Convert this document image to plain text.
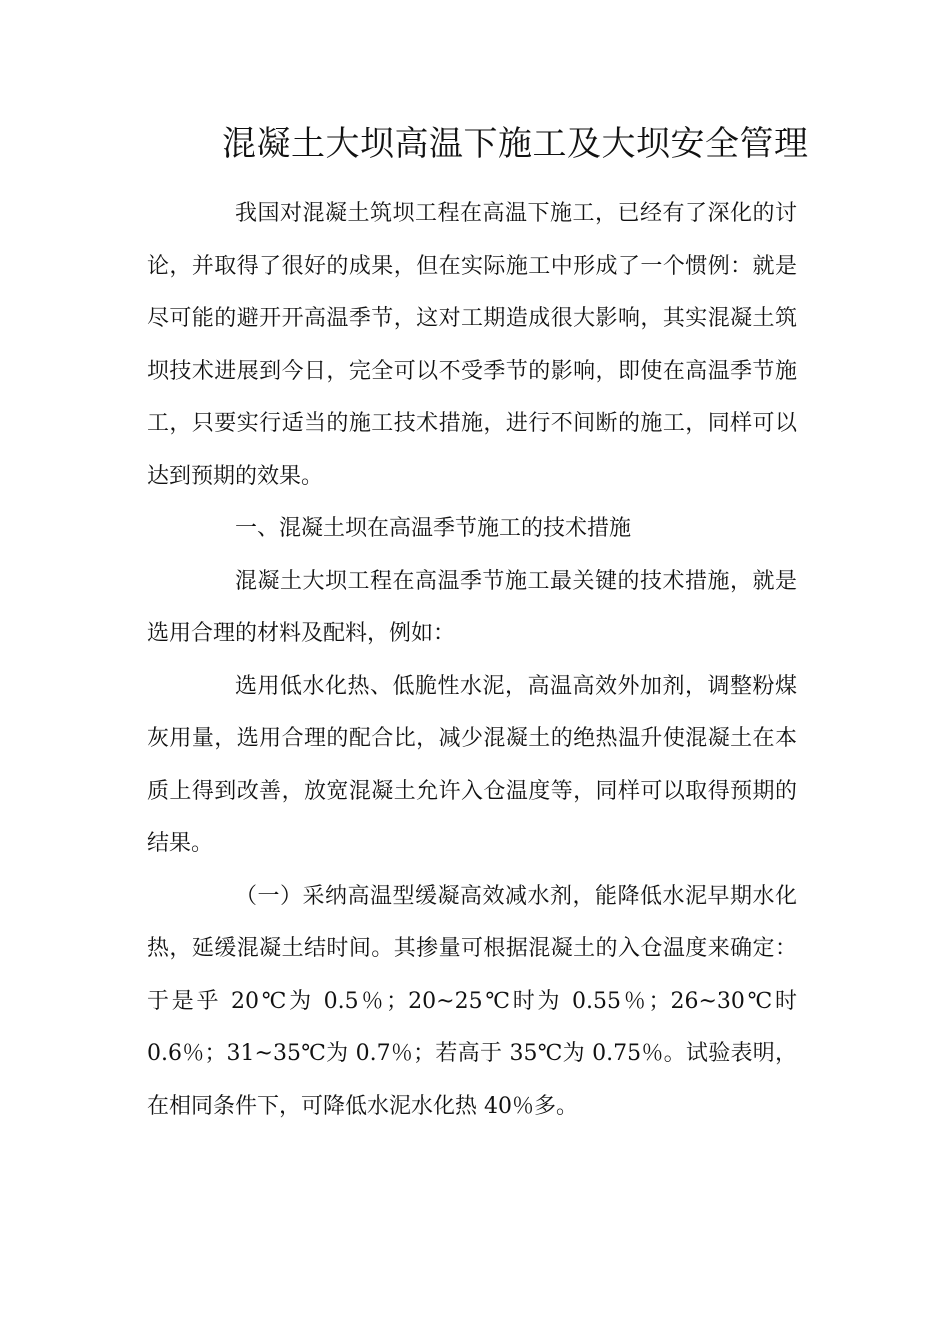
混凝土大坝高温下施工及大坝安全管理

我国对混凝土筑坝工程在高温下施工，已经有了深化的讨论，并取得了很好的成果，但在实际施工中形成了一个惯例：就是尽可能的避开开高温季节，这对工期造成很大影响，其实混凝土筑坝技术进展到今日，完全可以不受季节的影响，即使在高温季节施工，只要实行适当的施工技术措施，进行不间断的施工，同样可以达到预期的效果。

一、混凝土坝在高温季节施工的技术措施

混凝土大坝工程在高温季节施工最关键的技术措施，就是选用合理的材料及配料，例如：

选用低水化热、低脆性水泥，高温高效外加剂，调整粉煤灰用量，选用合理的配合比，减少混凝土的绝热温升使混凝土在本质上得到改善，放宽混凝土允许入仓温度等，同样可以取得预期的结果。

（一）采纳高温型缓凝高效减水剂，能降低水泥早期水化热，延缓混凝土结时间。其掺量可根据混凝土的入仓温度来确定：于是乎 20℃为 0.5％；20~25℃时为 0.55％；26~30℃时 0.6％；31~35℃为 0.7％；若高于 35℃为 0.75％。试验表明，在相同条件下，可降低水泥水化热 40％多。
